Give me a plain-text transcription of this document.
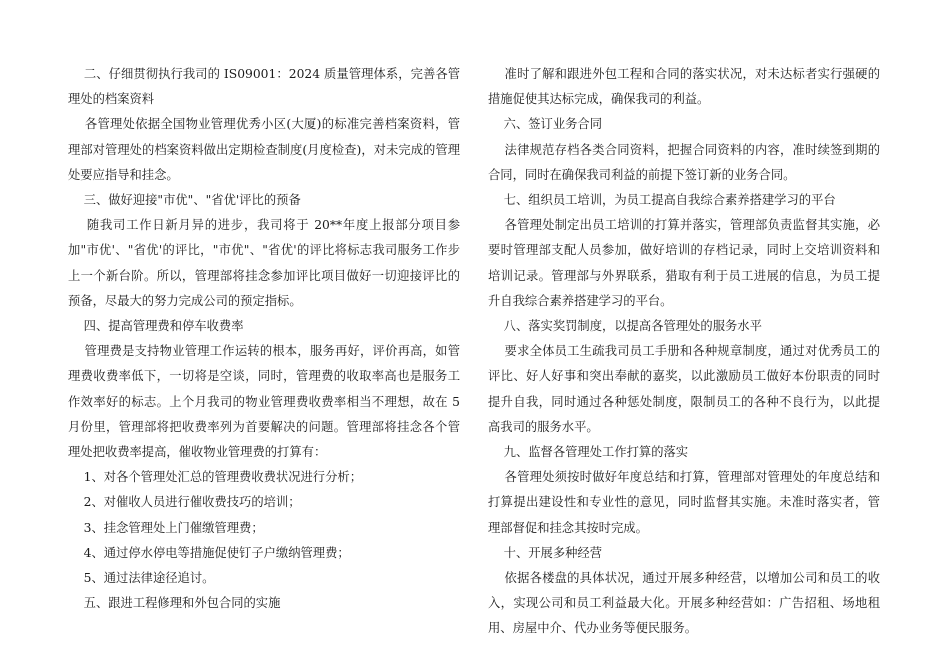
二、仔细贯彻执行我司的 IS09001：2024 质量管理体系，完善各管理处的档案资料

各管理处依据全国物业管理优秀小区(大厦)的标准完善档案资料，管理部对管理处的档案资料做出定期检查制度(月度检查)，对未完成的管理处要应指导和挂念。

三、做好迎接"市优"、"省优'评比的预备

随我司工作日新月异的进步，我司将于 20**年度上报部分项目参加"市优'、"省优'的评比，"市优"、"省优'的评比将标志我司服务工作步上一个新台阶。所以，管理部将挂念参加评比项目做好一切迎接评比的预备，尽最大的努力完成公司的预定指标。

四、提高管理费和停车收费率

管理费是支持物业管理工作运转的根本，服务再好，评价再高，如管理费收费率低下，一切将是空谈，同时，管理费的收取率高也是服务工作效率好的标志。上个月我司的物业管理费收费率相当不理想，故在 5 月份里，管理部将把收费率列为首要解决的问题。管理部将挂念各个管理处把收费率提高，催收物业管理费的打算有：

1、对各个管理处汇总的管理费收费状况进行分析；

2、对催收人员进行催收费技巧的培训；

3、挂念管理处上门催缴管理费；

4、通过停水停电等措施促使钉子户缴纳管理费；

5、通过法律途径追讨。

五、跟进工程修理和外包合同的实施

准时了解和跟进外包工程和合同的落实状况，对未达标者实行强硬的措施促使其达标完成，确保我司的利益。

六、签订业务合同

法律规范存档各类合同资料，把握合同资料的内容，准时续签到期的合同，同时在确保我司利益的前提下签订新的业务合同。

七、组织员工培训，为员工提高自我综合素养搭建学习的平台

各管理处制定出员工培训的打算并落实，管理部负责监督其实施，必要时管理部支配人员参加，做好培训的存档记录，同时上交培训资料和培训记录。管理部与外界联系，猎取有利于员工进展的信息，为员工提升自我综合素养搭建学习的平台。

八、落实奖罚制度，以提高各管理处的服务水平

要求全体员工生疏我司员工手册和各种规章制度，通过对优秀员工的评比、好人好事和突出奉献的嘉奖，以此激励员工做好本份职责的同时提升自我，同时通过各种惩处制度，限制员工的各种不良行为，以此提高我司的服务水平。

九、监督各管理处工作打算的落实

各管理处须按时做好年度总结和打算，管理部对管理处的年度总结和打算提出建设性和专业性的意见，同时监督其实施。未准时落实者，管理部督促和挂念其按时完成。

十、开展多种经营

依据各楼盘的具体状况，通过开展多种经营，以增加公司和员工的收入，实现公司和员工利益最大化。开展多种经营如：广告招租、场地租用、房屋中介、代办业务等便民服务。
